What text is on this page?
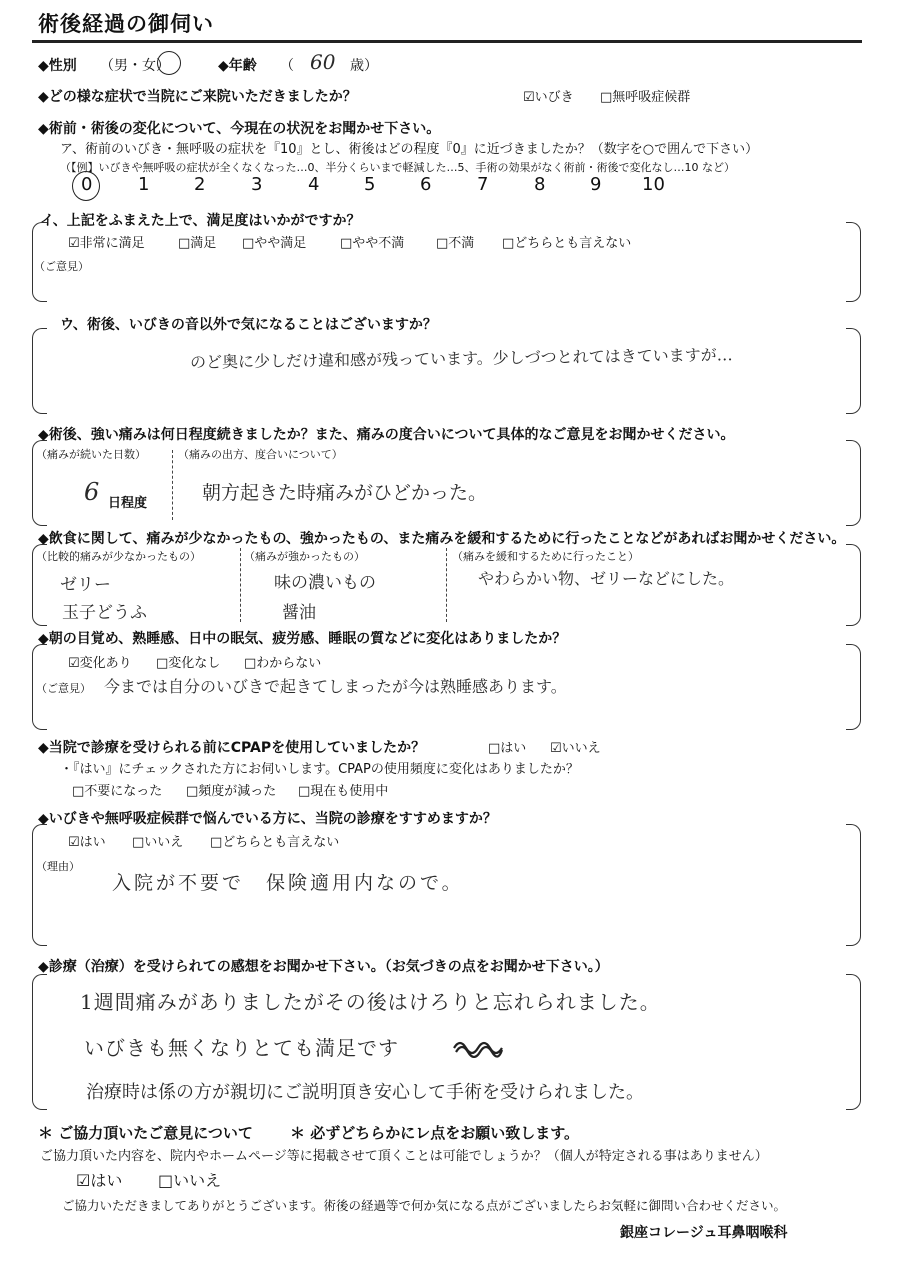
術後経過の御伺い
◆性別 （男・女）	◆年齢 （ 60 歳）
◆どの様な症状で当院にご来院いただきましたか？	☑いびき □無呼吸症候群
◆術前・術後の変化について、今現在の状況をお聞かせ下さい。
ア、術前のいびき・無呼吸の症状を『10』とし、術後はどの程度『0』に近づきましたか？（数字を○で囲んで下さい）
（【例】いびきや無呼吸の症状が全くなくなった…0、半分くらいまで軽減した…5、手術の効果がなく術前・術後で変化なし…10 など）
0	1 2	3	4 5 6	7	8 9 10
イ、上記をふまえた上で、満足度はいかがですか？
☑非常に満足	□満足 □やや満足	□やや不満 □不満 □どちらとも言えない
（ご意見）
ウ、術後、いびきの音以外で気になることはございますか？
のど奥に少しだけ違和感が残っています。少しづつとれてはきていますが…
◆術後、強い痛みは何日程度続きましたか？また、痛みの度合いについて具体的なご意見をお聞かせください。
（痛みが続いた日数）
6 日程度
（痛みの出方、度合いについて）
朝方起きた時痛みがひどかった。
◆飲食に関して、痛みが少なかったもの、強かったもの、また痛みを緩和するために行ったことなどがあればお聞かせください。
（比較的痛みが少なかったもの）
ゼリー
玉子どうふ
（痛みが強かったもの）
味の濃いもの
醤油
（痛みを緩和するために行ったこと）
やわらかい物、ゼリーなどにした。
◆朝の目覚め、熟睡感、日中の眠気、疲労感、睡眠の質などに変化はありましたか？
☑変化あり □変化なし □わからない
（ご意見） 今までは自分のいびきで起きてしまったが今は熟睡感あります。
◆当院で診療を受けられる前にCPAPを使用していましたか？	□はい ☑いいえ
・『はい』にチェックされた方にお伺いします。CPAPの使用頻度に変化はありましたか？
□不要になった □頻度が減った □現在も使用中
◆いびきや無呼吸症候群で悩んでいる方に、当院の診療をすすめますか？
☑はい □いいえ □どちらとも言えない
（理由）
入院が不要で　保険適用内なので。
◆診療（治療）を受けられての感想をお聞かせ下さい。（お気づきの点をお聞かせ下さい。）
1週間痛みがありましたがその後はけろりと忘れられました。
いびきも無くなりとても満足です
治療時は係の方が親切にご説明頂き安心して手術を受けられました。
＊ ご協力頂いたご意見について ＊ 必ずどちらかにレ点をお願い致します。
ご協力頂いた内容を、院内やホームページ等に掲載させて頂くことは可能でしょうか？（個人が特定される事はありません）
☑はい □いいえ
ご協力いただきましてありがとうございます。術後の経過等で何か気になる点がございましたらお気軽に御問い合わせください。
銀座コレージュ耳鼻咽喉科
